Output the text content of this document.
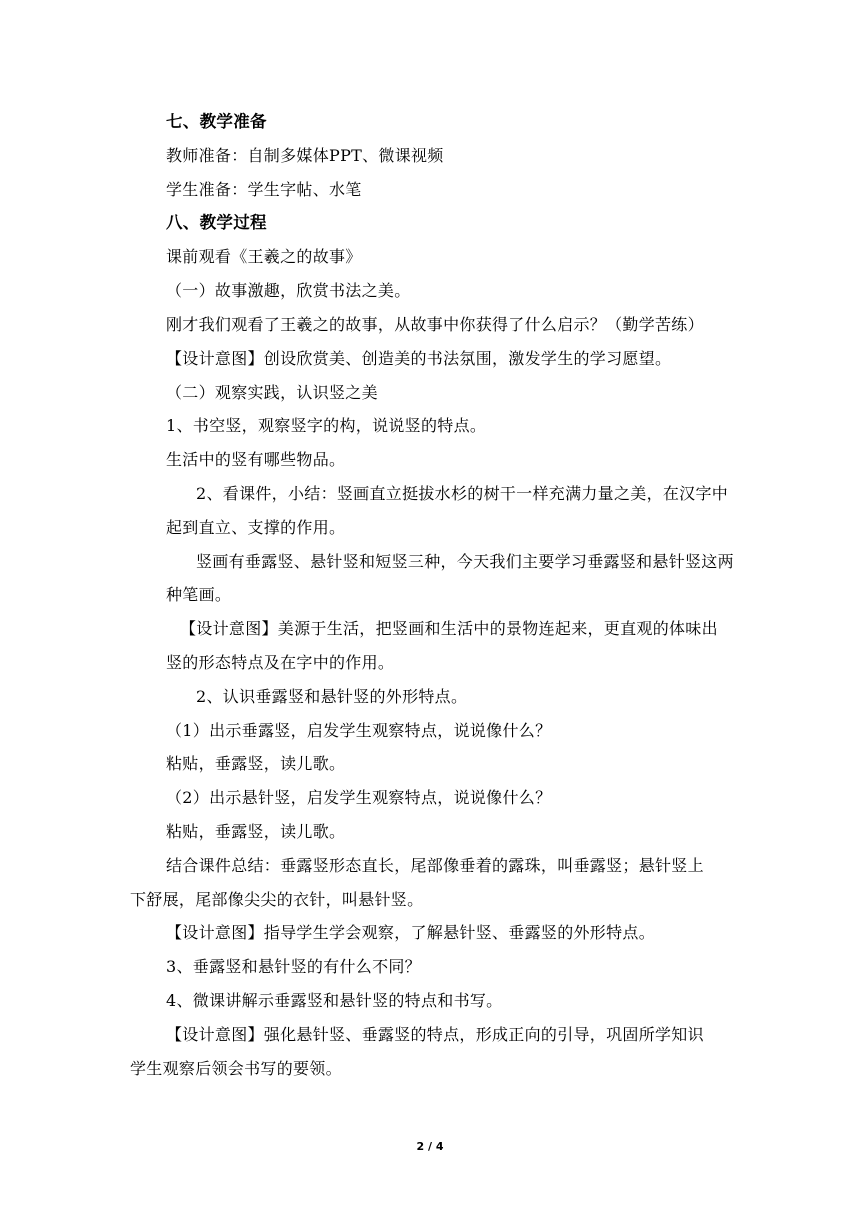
七、教学准备
教师准备：自制多媒体PPT、微课视频
学生准备：学生字帖、水笔
八、教学过程
课前观看《王羲之的故事》
（一）故事激趣，欣赏书法之美。
刚才我们观看了王羲之的故事，从故事中你获得了什么启示？（勤学苦练）
【设计意图】创设欣赏美、创造美的书法氛围，激发学生的学习愿望。
（二）观察实践，认识竖之美
1、书空竖，观察竖字的构，说说竖的特点。
生活中的竖有哪些物品。
2、看课件，小结：竖画直立挺拔水杉的树干一样充满力量之美，在汉字中
起到直立、支撑的作用。
竖画有垂露竖、悬针竖和短竖三种，今天我们主要学习垂露竖和悬针竖这两
种笔画。
【设计意图】美源于生活，把竖画和生活中的景物连起来，更直观的体味出
竖的形态特点及在字中的作用。
2、认识垂露竖和悬针竖的外形特点。
（1）出示垂露竖，启发学生观察特点，说说像什么？
粘贴，垂露竖，读儿歌。
（2）出示悬针竖，启发学生观察特点，说说像什么？
粘贴，垂露竖，读儿歌。
结合课件总结：垂露竖形态直长，尾部像垂着的露珠，叫垂露竖；悬针竖上
下舒展，尾部像尖尖的衣针，叫悬针竖。
【设计意图】指导学生学会观察，了解悬针竖、垂露竖的外形特点。
3、垂露竖和悬针竖的有什么不同？
4、微课讲解示垂露竖和悬针竖的特点和书写。
【设计意图】强化悬针竖、垂露竖的特点，形成正向的引导，巩固所学知识
学生观察后领会书写的要领。
2 / 4
